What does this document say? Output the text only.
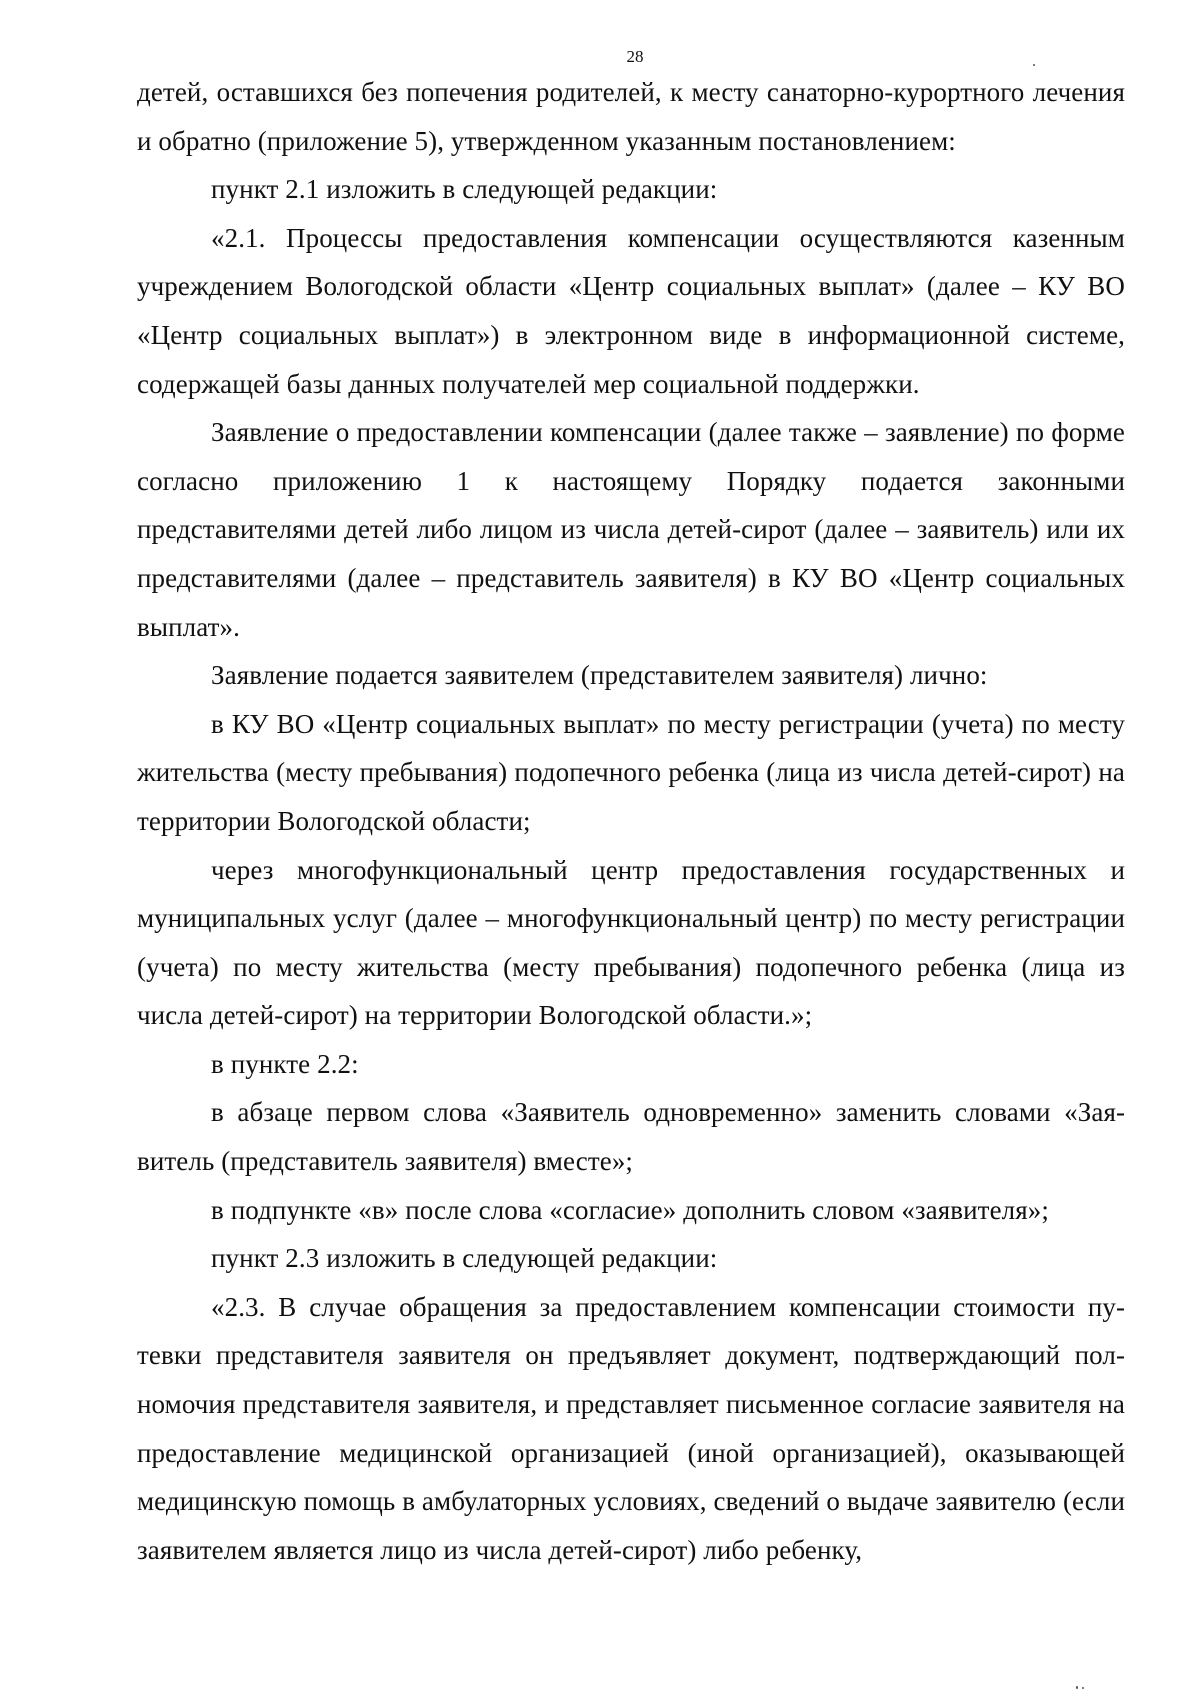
28

детей, оставшихся без попечения родителей, к месту санаторно-курортного лечения и обратно (приложение 5), утвержденном указанным постановлением:

пункт 2.1 изложить в следующей редакции:

«2.1. Процессы предоставления компенсации осуществляются казенным учреждением Вологодской области «Центр социальных выплат» (далее – КУ ВО «Центр социальных выплат») в электронном виде в информационной системе, содержащей базы данных получателей мер социальной поддержки.

Заявление о предоставлении компенсации (далее также – заявление) по форме согласно приложению 1 к настоящему Порядку подается законными представителями детей либо лицом из числа детей-сирот (далее – заявитель) или их представителями (далее – представитель заявителя) в КУ ВО «Центр социальных выплат».

Заявление подается заявителем (представителем заявителя) лично:

в КУ ВО «Центр социальных выплат» по месту регистрации (учета) по месту жительства (месту пребывания) подопечного ребенка (лица из числа детей-сирот) на территории Вологодской области;

через многофункциональный центр предоставления государственных и муниципальных услуг (далее – многофункциональный центр) по месту регистрации (учета) по месту жительства (месту пребывания) подопечного ребенка (лица из числа детей-сирот) на территории Вологодской области.»;

в пункте 2.2:

в абзаце первом слова «Заявитель одновременно» заменить словами «Заявитель (представитель заявителя) вместе»;

в подпункте «в» после слова «согласие» дополнить словом «заявителя»;

пункт 2.3 изложить в следующей редакции:

«2.3. В случае обращения за предоставлением компенсации стоимости путевки представителя заявителя он предъявляет документ, подтверждающий полномочия представителя заявителя, и представляет письменное согласие заявителя на предоставление медицинской организацией (иной организацией), оказывающей медицинскую помощь в амбулаторных условиях, сведений о выдаче заявителю (если заявителем является лицо из числа детей-сирот) либо ребенку,
